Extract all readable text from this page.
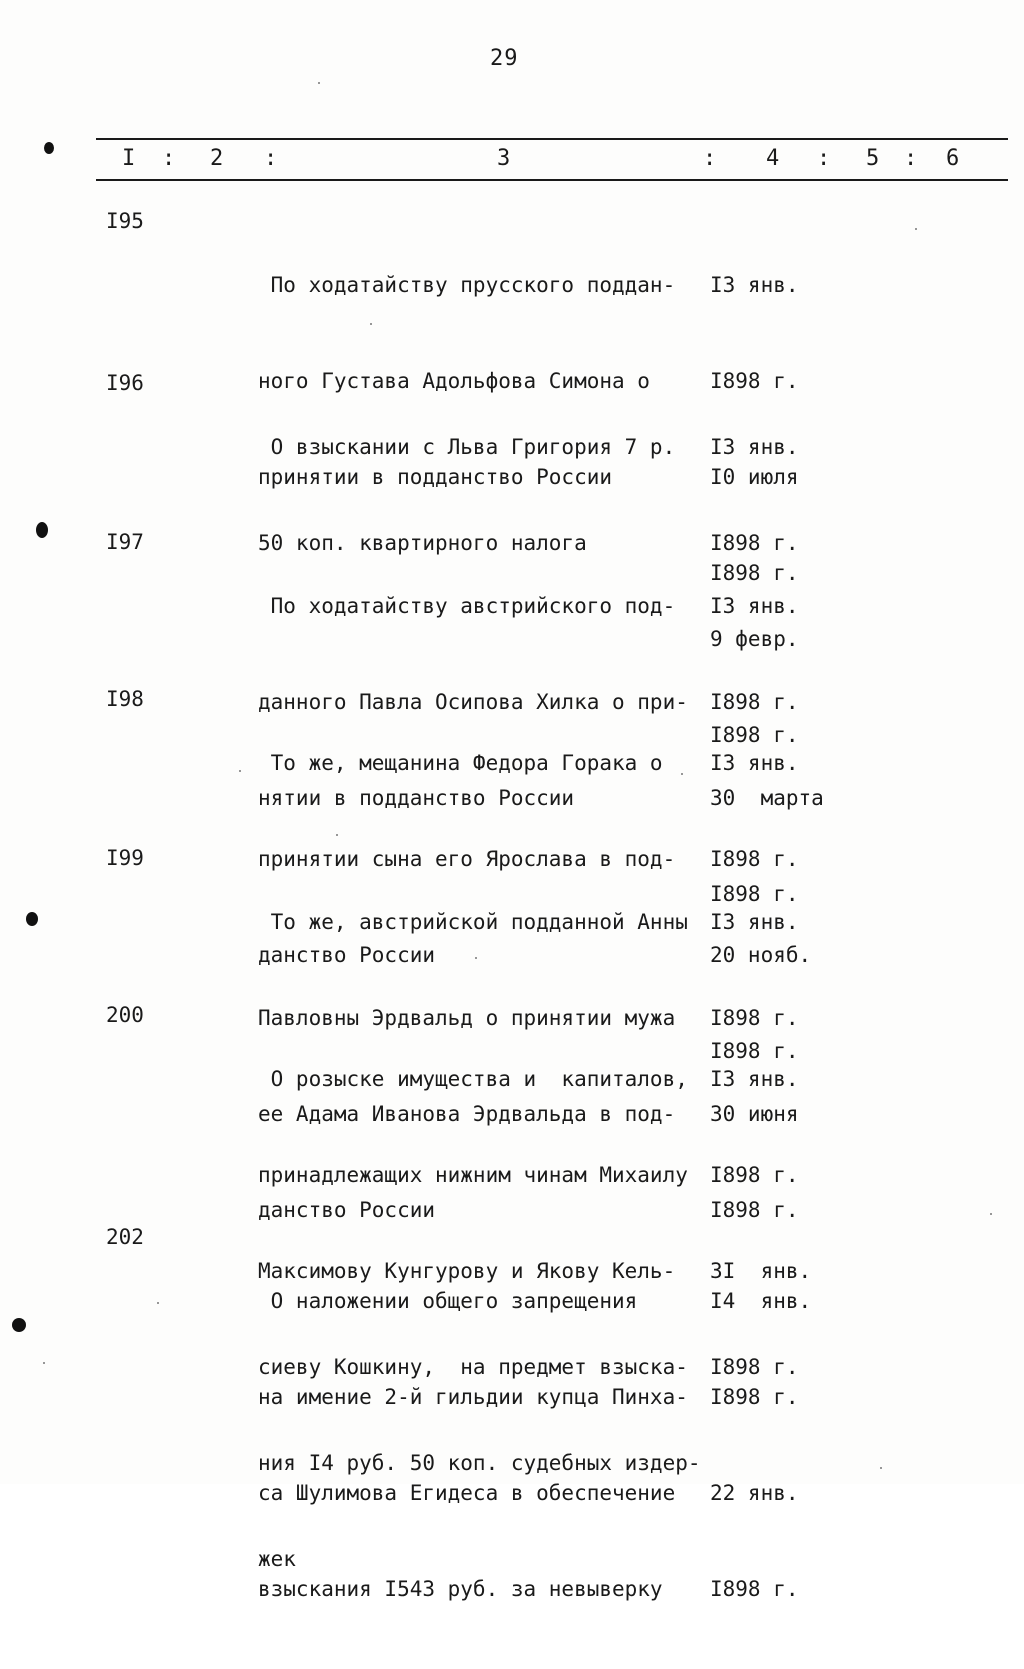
29
I : 2 :	3	: 4 : 5 : 6
I95

По ходатайству прусского поддан-

ного Густава Адольфова Симона о

принятии в подданство России

I3 янв.

I898 г.

I0 июля

I898 г.

I96

О взыскании с Льва Григория 7 р.

50 коп. квартирного налога

I3 янв.

I898 г.

9 февр.

I898 г.

I97

По ходатайству австрийского под-

данного Павла Осипова Хилка о при-

нятии в подданство России

I3 янв.

I898 г.

30  марта

I898 г.

I98

То же, мещанина Федора Горака о

принятии сына его Ярослава в под-

данство России

I3 янв.

I898 г.

20 нояб.

I898 г.

I99

То же, австрийской подданной Анны

Павловны Эрдвальд о принятии мужа

ее Адама Иванова Эрдвальда в под-

данство России

I3 янв.

I898 г.

30 июня

I898 г.

200

О розыске имущества и  капиталов,

принадлежащих нижним чинам Михаилу

Максимову Кунгурову и Якову Кель-

сиеву Кошкину,  на предмет взыска-

ния I4 руб. 50 коп. судебных издер-

жек

I3 янв.

I898 г.

3I  янв.

I898 г.

202

О наложении общего запрещения

на имение 2-й гильдии купца Пинха-

са Шулимова Егидеса в обеспечение

взыскания I543 руб. за невыверку

I4  янв.

I898 г.

22 янв.

I898 г.
